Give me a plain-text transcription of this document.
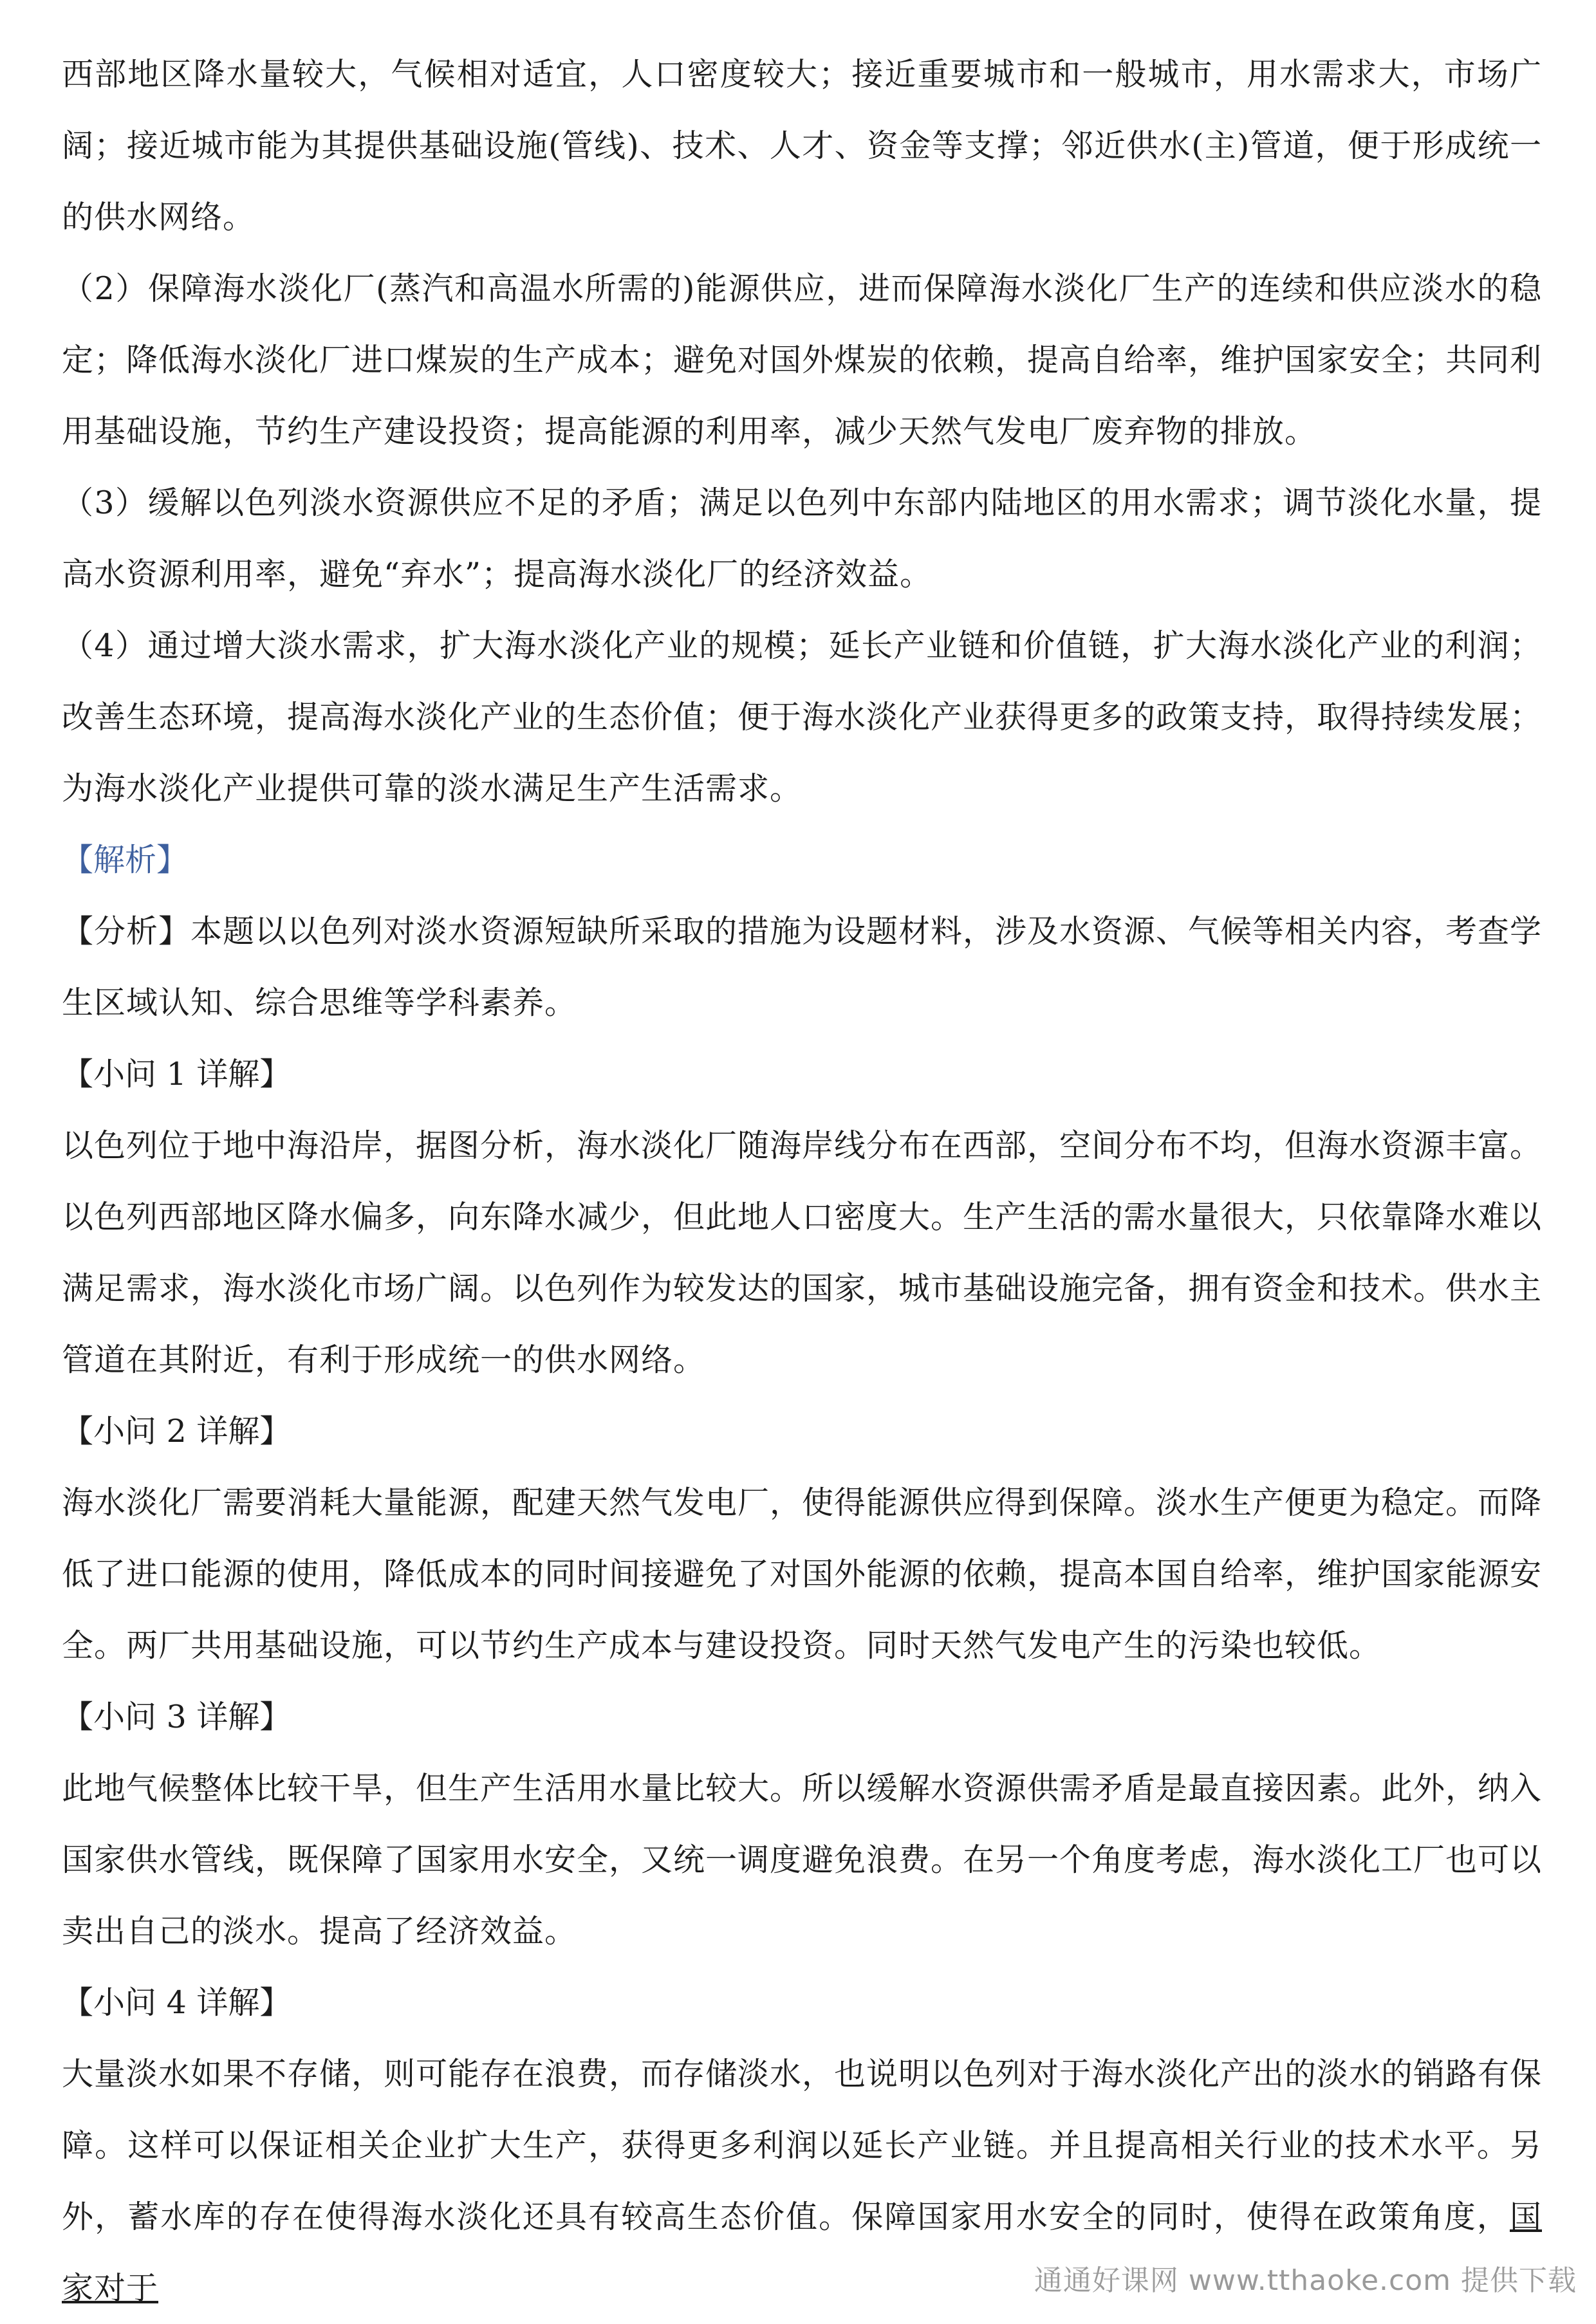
西部地区降水量较大，气候相对适宜，人口密度较大；接近重要城市和一般城市，用水需求大，市场广阔；接近城市能为其提供基础设施(管线)、技术、人才、资金等支撑；邻近供水(主)管道，便于形成统一的供水网络。

（2）保障海水淡化厂(蒸汽和高温水所需的)能源供应，进而保障海水淡化厂生产的连续和供应淡水的稳定；降低海水淡化厂进口煤炭的生产成本；避免对国外煤炭的依赖，提高自给率，维护国家安全；共同利用基础设施，节约生产建设投资；提高能源的利用率，减少天然气发电厂废弃物的排放。

（3）缓解以色列淡水资源供应不足的矛盾；满足以色列中东部内陆地区的用水需求；调节淡化水量，提高水资源利用率，避免“弃水”；提高海水淡化厂的经济效益。

（4）通过增大淡水需求，扩大海水淡化产业的规模；延长产业链和价值链，扩大海水淡化产业的利润；改善生态环境，提高海水淡化产业的生态价值；便于海水淡化产业获得更多的政策支持，取得持续发展；为海水淡化产业提供可靠的淡水满足生产生活需求。

【解析】

【分析】本题以以色列对淡水资源短缺所采取的措施为设题材料，涉及水资源、气候等相关内容，考查学生区域认知、综合思维等学科素养。

【小问 1 详解】

以色列位于地中海沿岸，据图分析，海水淡化厂随海岸线分布在西部，空间分布不均，但海水资源丰富。以色列西部地区降水偏多，向东降水减少，但此地人口密度大。生产生活的需水量很大，只依靠降水难以满足需求，海水淡化市场广阔。以色列作为较发达的国家，城市基础设施完备，拥有资金和技术。供水主管道在其附近，有利于形成统一的供水网络。

【小问 2 详解】

海水淡化厂需要消耗大量能源，配建天然气发电厂，使得能源供应得到保障。淡水生产便更为稳定。而降低了进口能源的使用，降低成本的同时间接避免了对国外能源的依赖，提高本国自给率，维护国家能源安全。两厂共用基础设施，可以节约生产成本与建设投资。同时天然气发电产生的污染也较低。

【小问 3 详解】

此地气候整体比较干旱，但生产生活用水量比较大。所以缓解水资源供需矛盾是最直接因素。此外，纳入国家供水管线，既保障了国家用水安全，又统一调度避免浪费。在另一个角度考虑，海水淡化工厂也可以卖出自己的淡水。提高了经济效益。

【小问 4 详解】

大量淡水如果不存储，则可能存在浪费，而存储淡水，也说明以色列对于海水淡化产出的淡水的销路有保障。这样可以保证相关企业扩大生产，获得更多利润以延长产业链。并且提高相关行业的技术水平。另外，蓄水库的存在使得海水淡化还具有较高生态价值。保障国家用水安全的同时，使得在政策角度，国家对于	通通好课网 www.tthaoke.com 提供下载
